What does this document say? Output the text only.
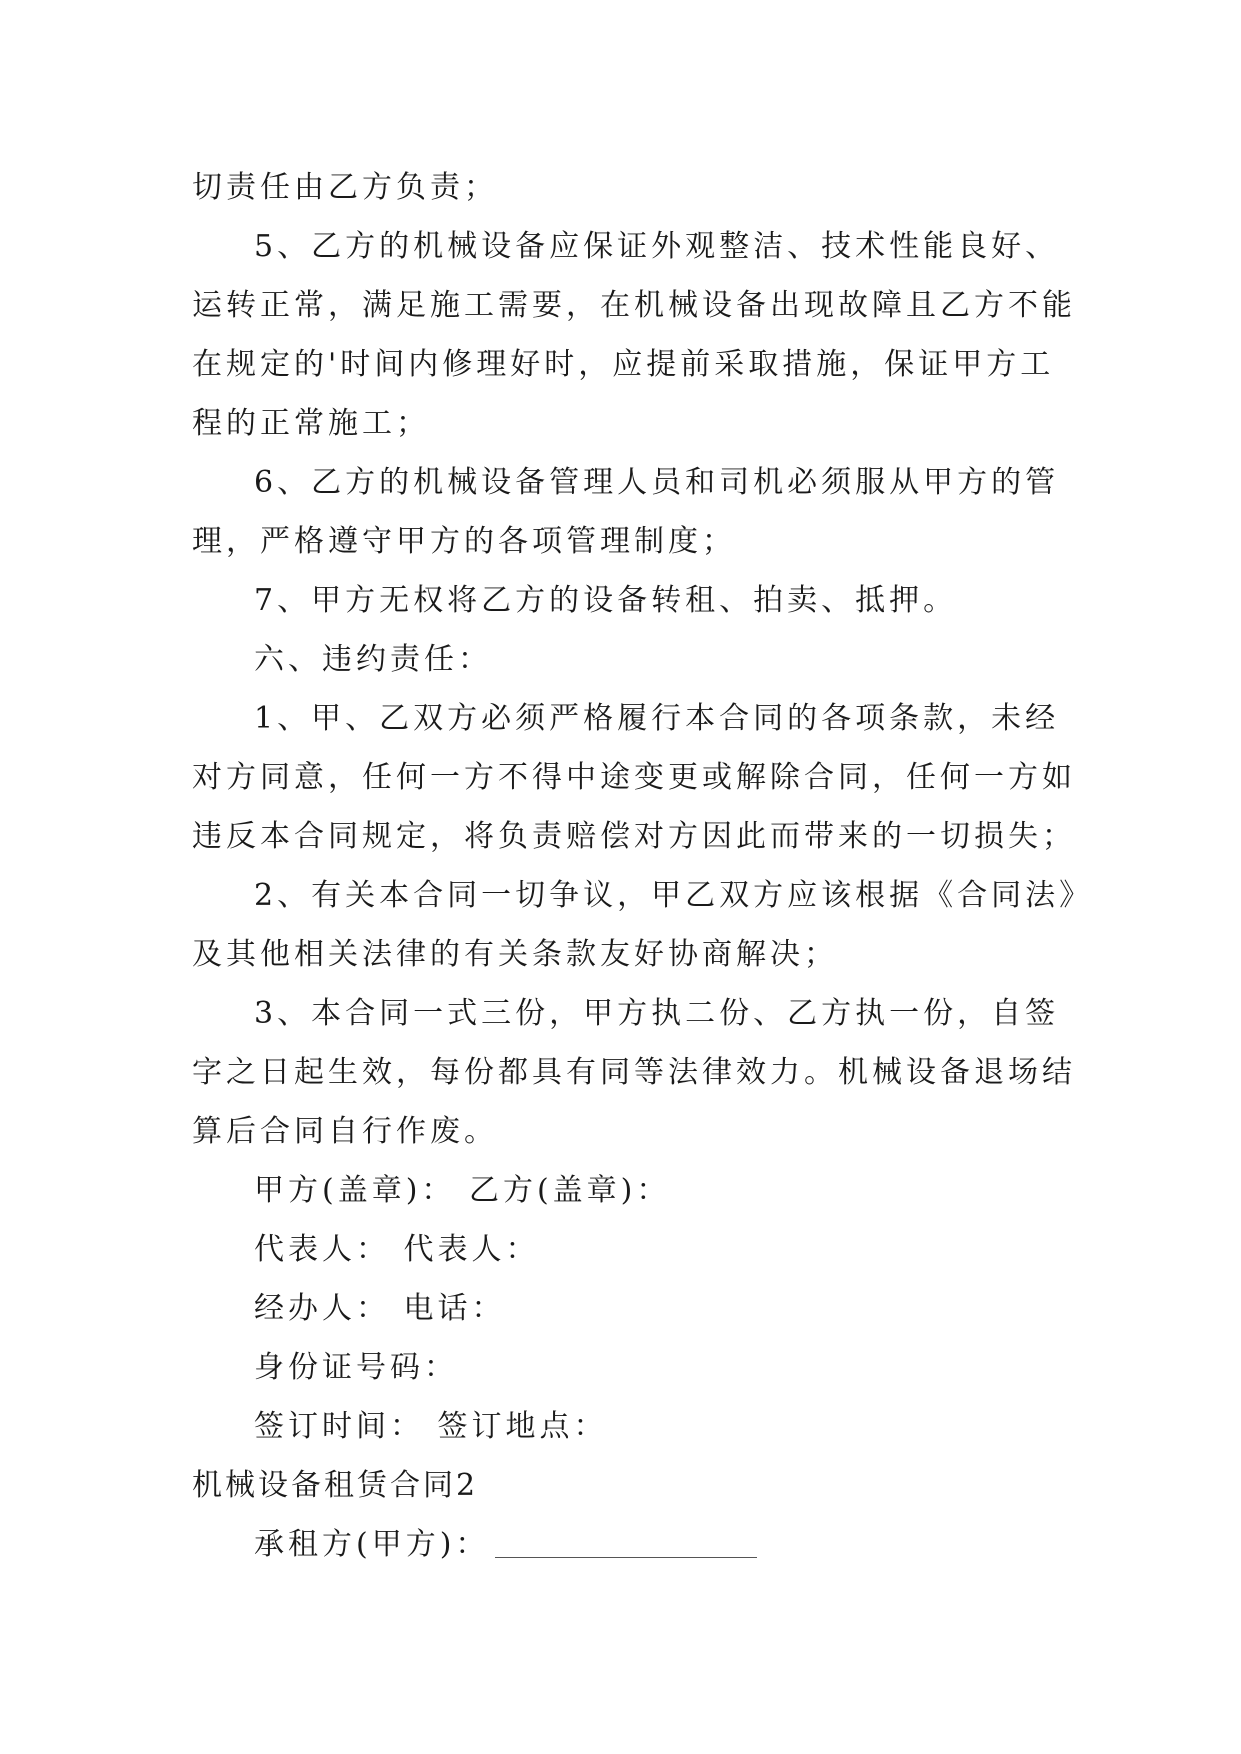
切责任由乙方负责；
5、乙方的机械设备应保证外观整洁、技术性能良好、
运转正常，满足施工需要，在机械设备出现故障且乙方不能
在规定的'时间内修理好时，应提前采取措施，保证甲方工
程的正常施工；
6、乙方的机械设备管理人员和司机必须服从甲方的管
理，严格遵守甲方的各项管理制度；
7、甲方无权将乙方的设备转租、拍卖、抵押。
六、违约责任：
1、甲、乙双方必须严格履行本合同的各项条款，未经
对方同意，任何一方不得中途变更或解除合同，任何一方如
违反本合同规定，将负责赔偿对方因此而带来的一切损失；
2、有关本合同一切争议，甲乙双方应该根据《合同法》
及其他相关法律的有关条款友好协商解决；
3、本合同一式三份，甲方执二份、乙方执一份，自签
字之日起生效，每份都具有同等法律效力。机械设备退场结
算后合同自行作废。
甲方(盖章)： 乙方(盖章)：
代表人： 代表人：
经办人： 电话：
身份证号码：
签订时间： 签订地点：
机械设备租赁合同2
承租方(甲方)：
